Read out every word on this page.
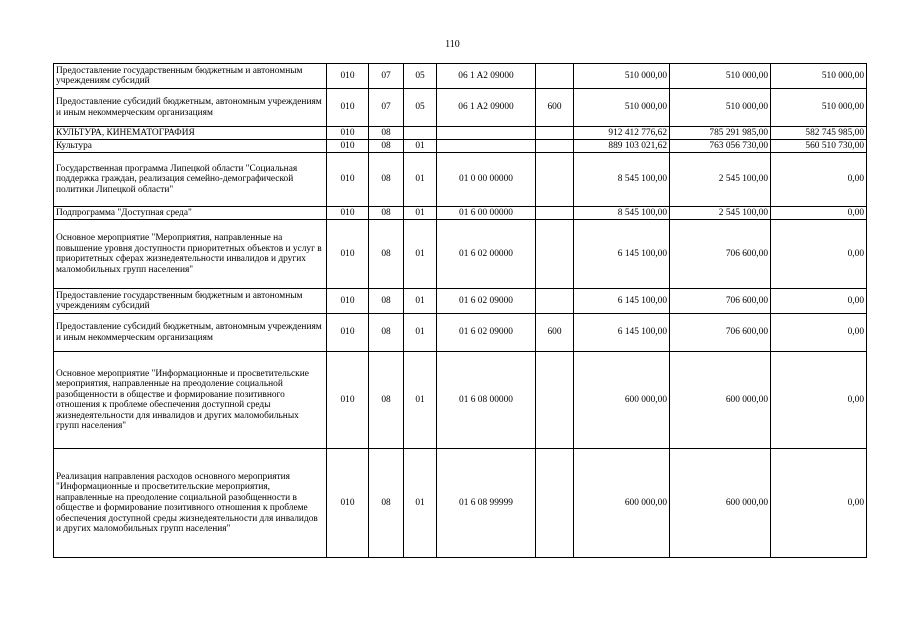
110
Предоставление государственным бюджетным и автономным учреждениям субсидий	010	07	05	06 1 A2 09000		510 000,00	510 000,00	510 000,00
Предоставление субсидий бюджетным, автономным учреждениям и иным некоммерческим организациям	010	07	05	06 1 A2 09000	600	510 000,00	510 000,00	510 000,00
КУЛЬТУРА, КИНЕМАТОГРАФИЯ	010	08				912 412 776,62	785 291 985,00	582 745 985,00
Культура	010	08	01			889 103 021,62	763 056 730,00	560 510 730,00
Государственная программа Липецкой области "Социальная поддержка граждан, реализация семейно-демографической политики Липецкой области"	010	08	01	01 0 00 00000		8 545 100,00	2 545 100,00	0,00
Подпрограмма "Доступная среда"	010	08	01	01 6 00 00000		8 545 100,00	2 545 100,00	0,00
Основное мероприятие "Мероприятия, направленные на повышение уровня доступности приоритетных объектов и услуг в приоритетных сферах жизнедеятельности инвалидов и других маломобильных групп населения"	010	08	01	01 6 02 00000		6 145 100,00	706 600,00	0,00
Предоставление государственным бюджетным и автономным учреждениям субсидий	010	08	01	01 6 02 09000		6 145 100,00	706 600,00	0,00
Предоставление субсидий бюджетным, автономным учреждениям и иным некоммерческим организациям	010	08	01	01 6 02 09000	600	6 145 100,00	706 600,00	0,00
Основное мероприятие "Информационные и просветительские мероприятия, направленные на преодоление социальной разобщенности в обществе и формирование позитивного отношения к проблеме обеспечения доступной среды жизнедеятельности для инвалидов и других маломобильных групп населения"	010	08	01	01 6 08 00000		600 000,00	600 000,00	0,00
Реализация направления расходов основного мероприятия "Информационные и просветительские мероприятия, направленные на преодоление социальной разобщенности в обществе и формирование позитивного отношения к проблеме обеспечения доступной среды жизнедеятельности для инвалидов и других маломобильных групп населения"	010	08	01	01 6 08 99999		600 000,00	600 000,00	0,00
